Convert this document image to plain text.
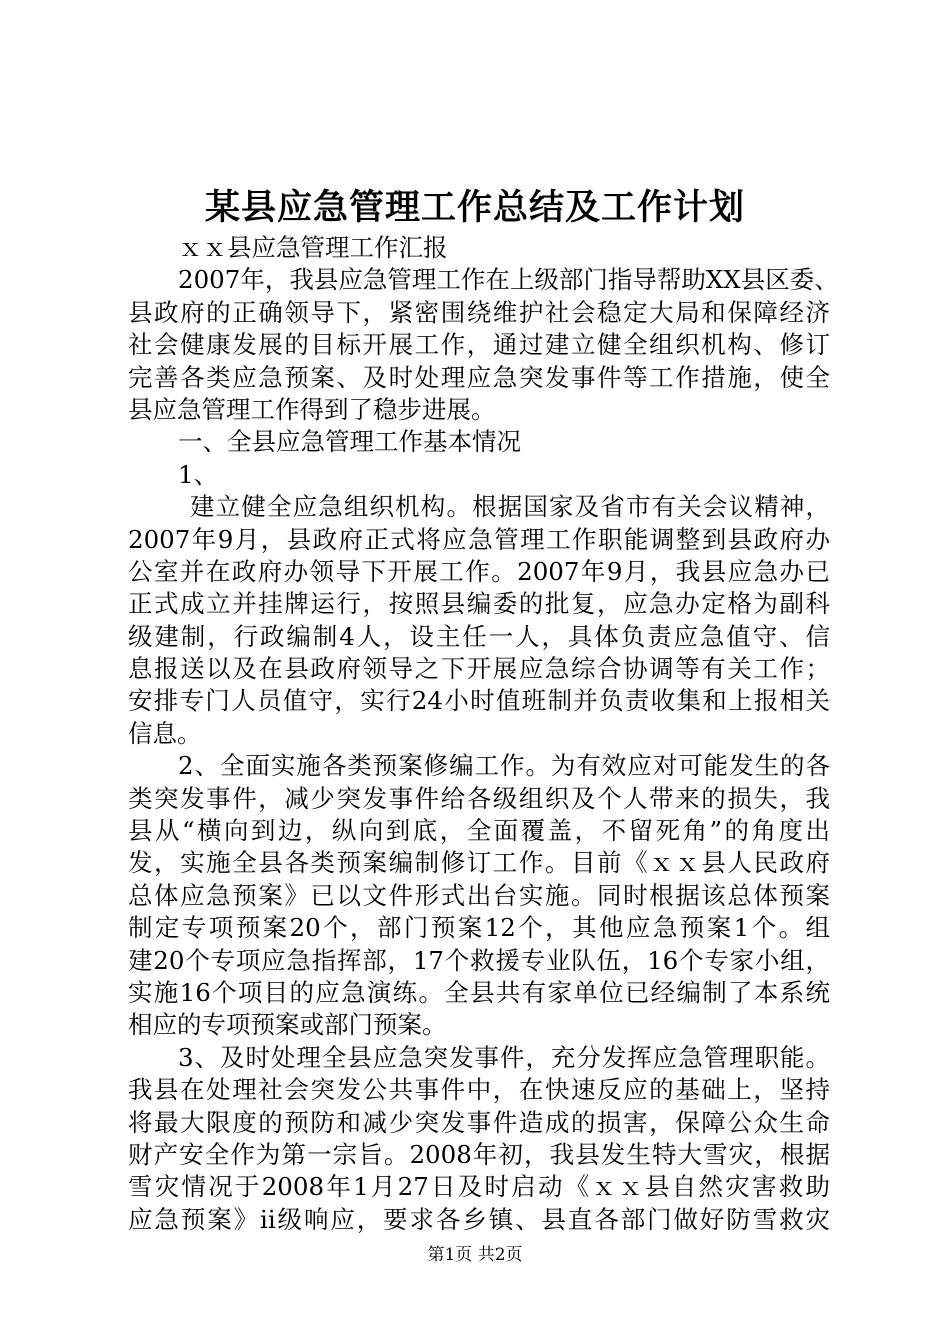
某县应急管理工作总结及工作计划
ｘｘ县应急管理工作汇报
2007年，我县应急管理工作在上级部门指导帮助XX县区委、
县政府的正确领导下，紧密围绕维护社会稳定大局和保障经济
社会健康发展的目标开展工作，通过建立健全组织机构、修订
完善各类应急预案、及时处理应急突发事件等工作措施，使全
县应急管理工作得到了稳步进展。
一、全县应急管理工作基本情况
1、
建立健全应急组织机构。根据国家及省市有关会议精神，
2007年9月，县政府正式将应急管理工作职能调整到县政府办
公室并在政府办领导下开展工作。2007年9月，我县应急办已
正式成立并挂牌运行，按照县编委的批复，应急办定格为副科
级建制，行政编制4人，设主任一人，具体负责应急值守、信
息报送以及在县政府领导之下开展应急综合协调等有关工作；
安排专门人员值守，实行24小时值班制并负责收集和上报相关
信息。
2、全面实施各类预案修编工作。为有效应对可能发生的各
类突发事件，减少突发事件给各级组织及个人带来的损失，我
县从“横向到边，纵向到底，全面覆盖，不留死角”的角度出
发，实施全县各类预案编制修订工作。目前《ｘｘ县人民政府
总体应急预案》已以文件形式出台实施。同时根据该总体预案
制定专项预案20个，部门预案12个，其他应急预案1个。组
建20个专项应急指挥部，17个救援专业队伍，16个专家小组，
实施16个项目的应急演练。全县共有家单位已经编制了本系统
相应的专项预案或部门预案。
3、及时处理全县应急突发事件，充分发挥应急管理职能。
我县在处理社会突发公共事件中，在快速反应的基础上，坚持
将最大限度的预防和减少突发事件造成的损害，保障公众生命
财产安全作为第一宗旨。2008年初，我县发生特大雪灾，根据
雪灾情况于2008年1月27日及时启动《ｘｘ县自然灾害救助
应急预案》ii级响应，要求各乡镇、县直各部门做好防雪救灾
第1页 共2页
